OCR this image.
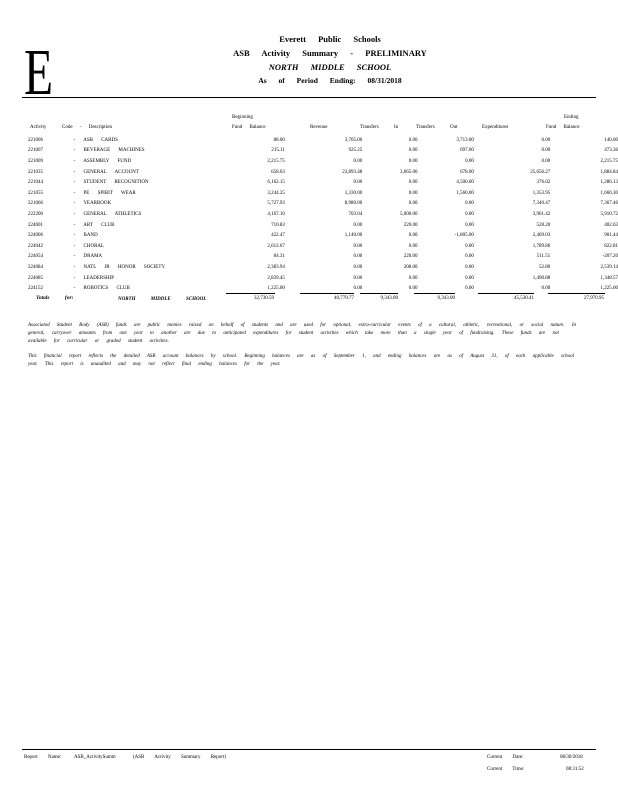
E	Everett Public Schools
ASB Activity Summary - PRELIMINARY
NORTH MIDDLE SCHOOL
As of Period Ending: 08/31/2018
Activity	Code - Description
Beginning
Fund Balance	Revenue	Transfers In	Transfers Out	Expenditures
Ending
Fund Balance
221006	- ASB CARDS	88.00	3,765.00	0.00	3,713.00	0.00	140.00
221007	- BEVERAGE MACHINES	215.11	925.25	0.00	697.00	0.00	473.36
221009	- ASSEMBLY FUND	2,215.75	0.00	0.00	0.00	0.00	2,215.75
221035	- GENERAL ACCOUNT	658.63	23,893.48	3,665.00	678.00	25,656.27	1,884.84
221044	- STUDENT RECOGNITION	6,162.15	0.00	0.00	4,500.00	376.02	1,286.13
221055	- PE SPIRIT WEAR	3,244.25	1,330.00	0.00	1,560.00	1,353.95	1,660.30
221066	- YEARBOOK	5,727.93	8,980.00	0.00	0.00	7,340.47	7,367.46
222200	- GENERAL ATHLETICS	4,167.10	703.04	5,000.00	0.00	3,961.42	5,910.72
224001	- ART CLUB	710.83	0.00	220.00	0.00	528.20	402.63
224006	- BAND	422.47	1,140.00	0.00	-1,805.00	2,469.03	901.44
224042	- CHORAL	2,612.67	0.00	0.00	0.00	1,789.86	822.81
224054	- DRAMA	84.31	0.00	220.00	0.00	511.51	-207.20
224084	- NATL JR HONOR SOCIETY	2,383.94	0.00	208.00	0.00	52.80	2,539.14
224085	- LEADERSHIP	2,839.45	0.00	0.00	0.00	1,490.88	1,348.57
224152	- ROBOTICS CLUB	1,225.00	0.00	0.00	0.00	0.00	1,225.00
Totals for:	NORTH MIDDLE SCHOOL	32,730.59	40,770.77	9,343.00	9,343.00	45,530.41	27,970.95
Associated Student Body (ASB) funds are public monies raised on behalf of students and are used for optional, extra-curricular events of a cultural, athletic, recreational, or social nature. In general, carryover amounts from one year to another are due to anticipated expenditures for student activities which take more than a single year of fundraising. These funds are not available for curricular or graded student activities.
This financial report reflects the detailed ASB account balances by school. Beginning balances are as of September 1, and ending balances are as of August 31, of each applicable school year. This report is unaudited and may not reflect final ending balances for the year.
Report Name:	ASB_ActivitySumm	(ASB Activity Summary Report)	Current Date:	08/30/2018
Current Time:	08:31:52
